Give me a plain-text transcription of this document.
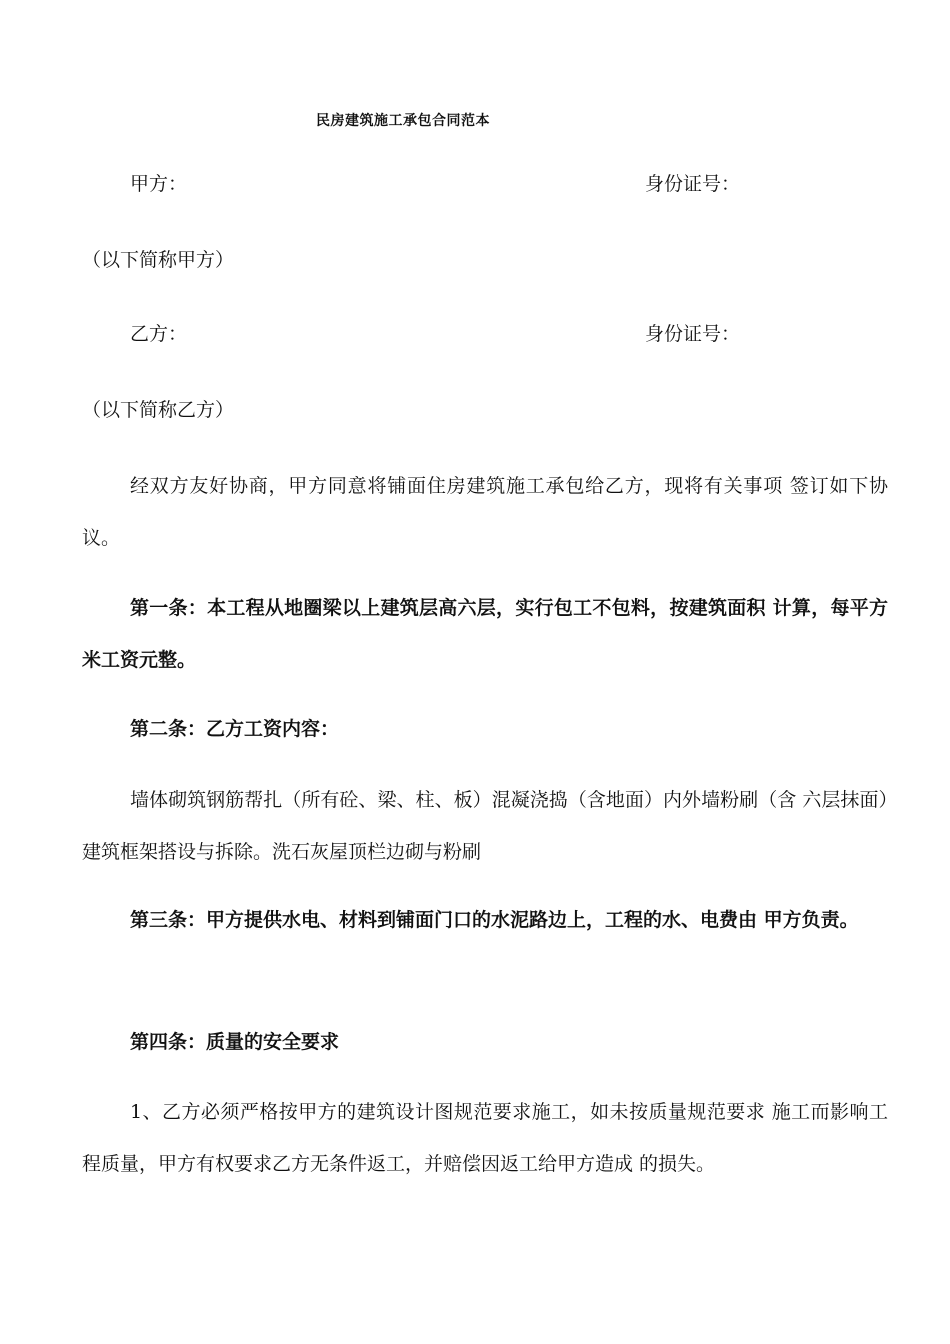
民房建筑施工承包合同范本
甲方：	身份证号：
（以下简称甲方）
乙方：	身份证号：
（以下简称乙方）
经双方友好协商，甲方同意将铺面住房建筑施工承包给乙方，现将有关事项 签订如下协议。
第一条：本工程从地圈梁以上建筑层高六层，实行包工不包料，按建筑面积 计算，每平方米工资元整。
第二条：乙方工资内容：
墙体砌筑钢筋帮扎（所有砼、梁、柱、板）混凝浇捣（含地面）内外墙粉刷（含 六层抹面）建筑框架搭设与拆除。洗石灰屋顶栏边砌与粉刷
第三条：甲方提供水电、材料到铺面门口的水泥路边上，工程的水、电费由 甲方负责。
第四条：质量的安全要求
1、乙方必须严格按甲方的建筑设计图规范要求施工，如未按质量规范要求 施工而影响工程质量，甲方有权要求乙方无条件返工，并赔偿因返工给甲方造成 的损失。
